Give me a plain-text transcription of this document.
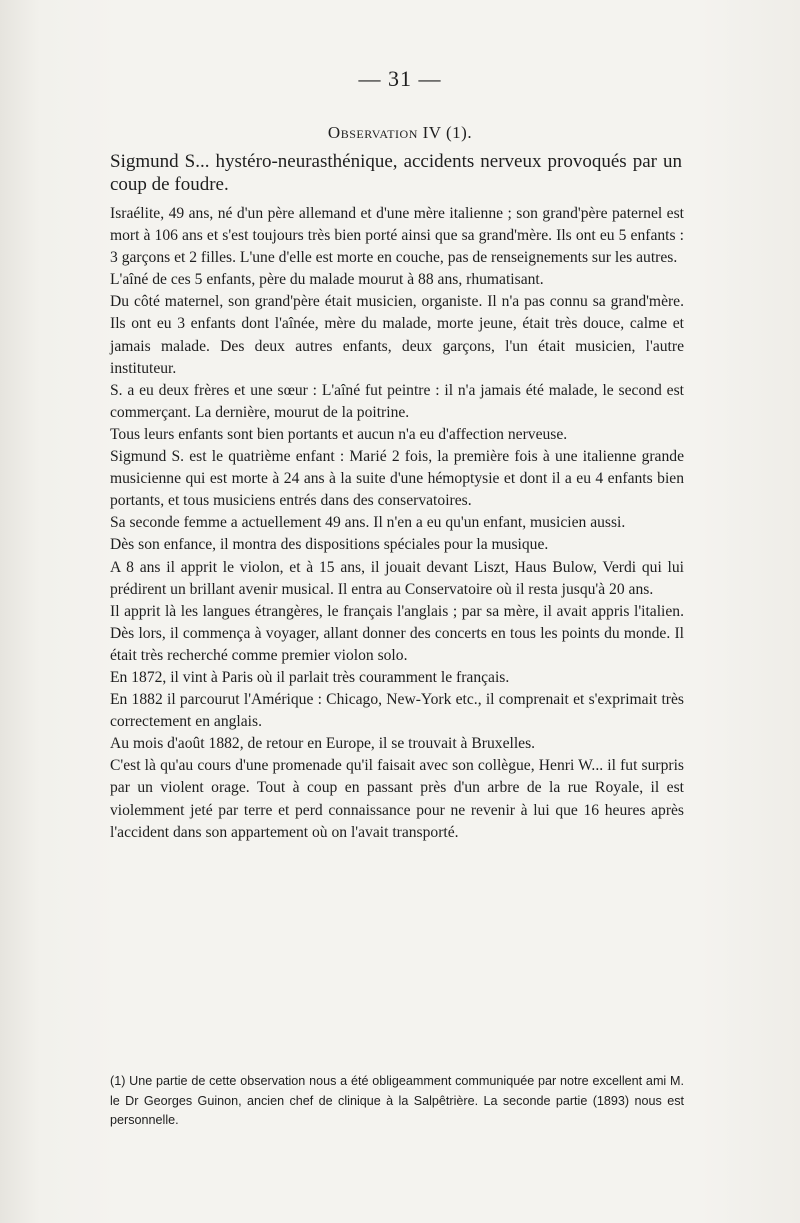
— 31 —
Observation IV (1).
Sigmund S... hystéro-neurasthénique, accidents nerveux provoqués par un coup de foudre.

Israélite, 49 ans, né d'un père allemand et d'une mère italienne ; son grand'père paternel est mort à 106 ans et s'est toujours très bien porté ainsi que sa grand'mère. Ils ont eu 5 enfants : 3 garçons et 2 filles. L'une d'elle est morte en couche, pas de renseignements sur les autres.

L'aîné de ces 5 enfants, père du malade mourut à 88 ans, rhumatisant.

Du côté maternel, son grand'père était musicien, organiste. Il n'a pas connu sa grand'mère. Ils ont eu 3 enfants dont l'aînée, mère du malade, morte jeune, était très douce, calme et jamais malade. Des deux autres enfants, deux garçons, l'un était musicien, l'autre instituteur.

S. a eu deux frères et une sœur : L'aîné fut peintre : il n'a jamais été malade, le second est commerçant. La dernière, mourut de la poitrine.

Tous leurs enfants sont bien portants et aucun n'a eu d'affection nerveuse.

Sigmund S. est le quatrième enfant : Marié 2 fois, la première fois à une italienne grande musicienne qui est morte à 24 ans à la suite d'une hémoptysie et dont il a eu 4 enfants bien portants, et tous musiciens entrés dans des conservatoires.

Sa seconde femme a actuellement 49 ans. Il n'en a eu qu'un enfant, musicien aussi.

Dès son enfance, il montra des dispositions spéciales pour la musique.

A 8 ans il apprit le violon, et à 15 ans, il jouait devant Liszt, Haus Bulow, Verdi qui lui prédirent un brillant avenir musical. Il entra au Conservatoire où il resta jusqu'à 20 ans.

Il apprit là les langues étrangères, le français l'anglais ; par sa mère, il avait appris l'italien. Dès lors, il commença à voyager, allant donner des concerts en tous les points du monde. Il était très recherché comme premier violon solo.

En 1872, il vint à Paris où il parlait très couramment le français.

En 1882 il parcourut l'Amérique : Chicago, New-York etc., il comprenait et s'exprimait très correctement en anglais.

Au mois d'août 1882, de retour en Europe, il se trouvait à Bruxelles.

C'est là qu'au cours d'une promenade qu'il faisait avec son collègue, Henri W... il fut surpris par un violent orage. Tout à coup en passant près d'un arbre de la rue Royale, il est violemment jeté par terre et perd connaissance pour ne revenir à lui que 16 heures après l'accident dans son appartement où on l'avait transporté.

(1) Une partie de cette observation nous a été obligeamment communiquée par notre excellent ami M. le Dr Georges Guinon, ancien chef de clinique à la Salpêtrière. La seconde partie (1893) nous est personnelle.
